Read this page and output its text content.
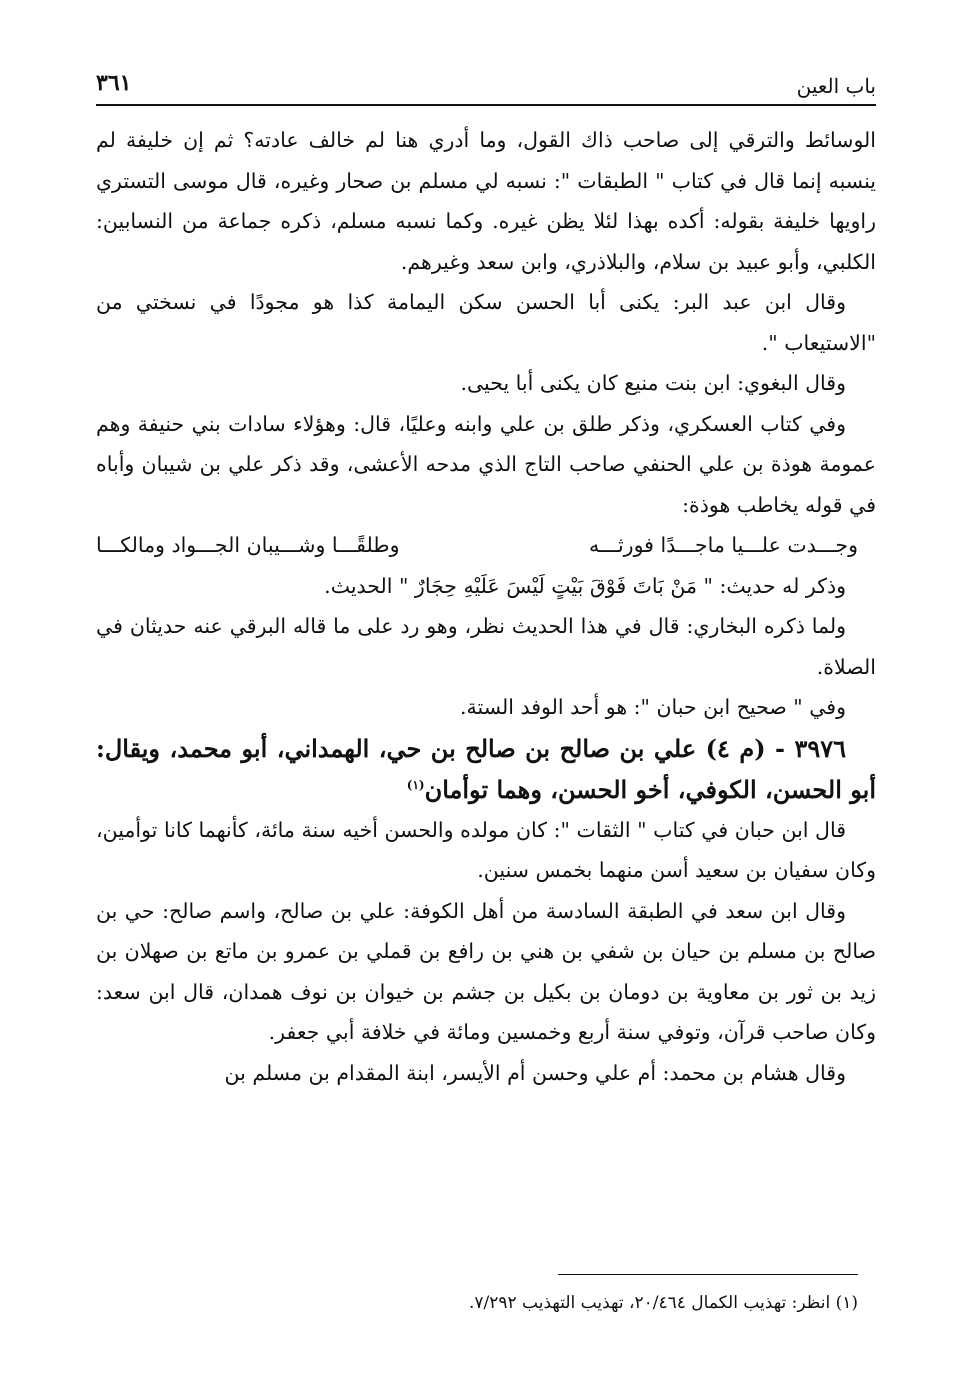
باب العين
٣٦١

الوسائط والترقي إلى صاحب ذاك القول، وما أدري هنا لم خالف عادته؟ ثم إن خليفة لم ينسبه إنما قال في كتاب " الطبقات ": نسبه لي مسلم بن صحار وغيره، قال موسى التستري راويها خليفة بقوله: أكده بهذا لئلا يظن غيره. وكما نسبه مسلم، ذكره جماعة من النسابين: الكلبي، وأبو عبيد بن سلام، والبلاذري، وابن سعد وغيرهم.

وقال ابن عبد البر: يكنى أبا الحسن سكن اليمامة كذا هو مجودًا في نسختي من "الاستيعاب ".

وقال البغوي: ابن بنت منيع كان يكنى أبا يحيى.

وفي كتاب العسكري، وذكر طلق بن علي وابنه وعليًا، قال: وهؤلاء سادات بني حنيفة وهم عمومة هوذة بن علي الحنفي صاحب التاج الذي مدحه الأعشى، وقد ذكر علي بن شيبان وأباه في قوله يخاطب هوذة:

وجـــدت علـــيا ماجـــدًا فورثـــه
وطلقًـــا وشـــيبان الجـــواد ومالكـــا

وذكر له حديث: " مَنْ بَاتَ فَوْقَ بَيْتٍ لَيْسَ عَلَيْهِ حِجَارٌ " الحديث.

ولما ذكره البخاري: قال في هذا الحديث نظر، وهو رد على ما قاله البرقي عنه حديثان في الصلاة.

وفي " صحيح ابن حبان ": هو أحد الوفد الستة.

٣٩٧٦ - (م ٤) علي بن صالح بن صالح بن حي، الهمداني، أبو محمد، ويقال: أبو الحسن، الكوفي، أخو الحسن، وهما توأمان$^{(١)}$

قال ابن حبان في كتاب " الثقات ": كان مولده والحسن أخيه سنة مائة، كأنهما كانا توأمين، وكان سفيان بن سعيد أسن منهما بخمس سنين.

وقال ابن سعد في الطبقة السادسة من أهل الكوفة: علي بن صالح، واسم صالح: حي بن صالح بن مسلم بن حيان بن شفي بن هني بن رافع بن قملي بن عمرو بن ماتع بن صهلان بن زيد بن ثور بن معاوية بن دومان بن بكيل بن جشم بن خيوان بن نوف همدان، قال ابن سعد: وكان صاحب قرآن، وتوفي سنة أربع وخمسين ومائة في خلافة أبي جعفر.

وقال هشام بن محمد: أم علي وحسن أم الأيسر، ابنة المقدام بن مسلم بن

(١) انظر: تهذيب الكمال ٢٠/٤٦٤، تهذيب التهذيب ٧/٢٩٢.
